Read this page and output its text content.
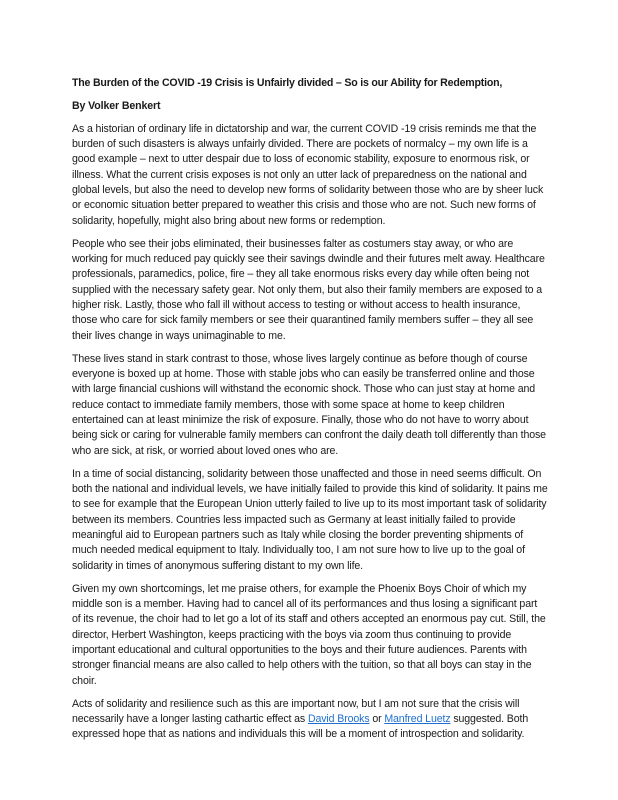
The Burden of the COVID -19 Crisis is Unfairly divided – So is our Ability for Redemption,
By Volker Benkert

As a historian of ordinary life in dictatorship and war, the current COVID -19 crisis reminds me that the burden of such disasters is always unfairly divided. There are pockets of normalcy – my own life is a good example – next to utter despair due to loss of economic stability, exposure to enormous risk, or illness. What the current crisis exposes is not only an utter lack of preparedness on the national and global levels, but also the need to develop new forms of solidarity between those who are by sheer luck or economic situation better prepared to weather this crisis and those who are not. Such new forms of solidarity, hopefully, might also bring about new forms or redemption.

People who see their jobs eliminated, their businesses falter as costumers stay away, or who are working for much reduced pay quickly see their savings dwindle and their futures melt away. Healthcare professionals, paramedics, police, fire – they all take enormous risks every day while often being not supplied with the necessary safety gear. Not only them, but also their family members are exposed to a higher risk. Lastly, those who fall ill without access to testing or without access to health insurance, those who care for sick family members or see their quarantined family members suffer – they all see their lives change in ways unimaginable to me.

These lives stand in stark contrast to those, whose lives largely continue as before though of course everyone is boxed up at home. Those with stable jobs who can easily be transferred online and those with large financial cushions will withstand the economic shock. Those who can just stay at home and reduce contact to immediate family members, those with some space at home to keep children entertained can at least minimize the risk of exposure. Finally, those who do not have to worry about being sick or caring for vulnerable family members can confront the daily death toll differently than those who are sick, at risk, or worried about loved ones who are.

In a time of social distancing, solidarity between those unaffected and those in need seems difficult. On both the national and individual levels, we have initially failed to provide this kind of solidarity. It pains me to see for example that the European Union utterly failed to live up to its most important task of solidarity between its members. Countries less impacted such as Germany at least initially failed to provide meaningful aid to European partners such as Italy while closing the border preventing shipments of much needed medical equipment to Italy. Individually too, I am not sure how to live up to the goal of solidarity in times of anonymous suffering distant to my own life.

Given my own shortcomings, let me praise others, for example the Phoenix Boys Choir of which my middle son is a member. Having had to cancel all of its performances and thus losing a significant part of its revenue, the choir had to let go a lot of its staff and others accepted an enormous pay cut. Still, the director, Herbert Washington, keeps practicing with the boys via zoom thus continuing to provide important educational and cultural opportunities to the boys and their future audiences. Parents with stronger financial means are also called to help others with the tuition, so that all boys can stay in the choir.

Acts of solidarity and resilience such as this are important now, but I am not sure that the crisis will necessarily have a longer lasting cathartic effect as David Brooks or Manfred Luetz suggested. Both expressed hope that as nations and individuals this will be a moment of introspection and solidarity.
